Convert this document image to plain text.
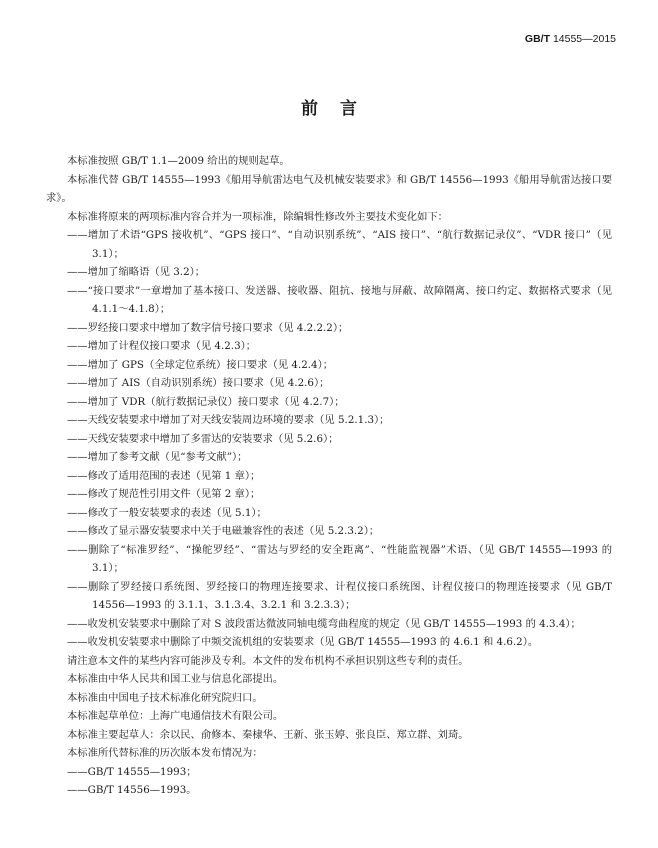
GB/T 14555—2015
前言

本标准按照 GB/T 1.1—2009 给出的规则起草。

本标准代替 GB/T 14555—1993《船用导航雷达电气及机械安装要求》和 GB/T 14556—1993《船用导航雷达接口要求》。

本标准将原来的两项标准内容合并为一项标准，除编辑性修改外主要技术变化如下：

—— 增加了术语“GPS 接收机”、“GPS 接口”、“自动识别系统”、“AIS 接口”、“航行数据记录仪”、“VDR 接口”（见 3.1）；

—— 增加了缩略语（见 3.2）；

—— “接口要求”一章增加了基本接口、发送器、接收器、阻抗、接地与屏蔽、故障隔离、接口约定、数据格式要求（见 4.1.1～4.1.8）；

—— 罗经接口要求中增加了数字信号接口要求（见 4.2.2.2）；

—— 增加了计程仪接口要求（见 4.2.3）；

—— 增加了 GPS（全球定位系统）接口要求（见 4.2.4）；

—— 增加了 AIS（自动识别系统）接口要求（见 4.2.6）；

—— 增加了 VDR（航行数据记录仪）接口要求（见 4.2.7）；

—— 天线安装要求中增加了对天线安装周边环境的要求（见 5.2.1.3）；

—— 天线安装要求中增加了多雷达的安装要求（见 5.2.6）；

—— 增加了参考文献（见“参考文献”）；

—— 修改了适用范围的表述（见第 1 章）；

—— 修改了规范性引用文件（见第 2 章）；

—— 修改了一般安装要求的表述（见 5.1）；

—— 修改了显示器安装要求中关于电磁兼容性的表述（见 5.2.3.2）；

—— 删除了“标准罗经”、“操舵罗经”、“雷达与罗经的安全距离”、“性能监视器”术语、（见 GB/T 14555—1993 的 3.1）；

—— 删除了罗经接口系统图、罗经接口的物理连接要求、计程仪接口系统图、计程仪接口的物理连接要求（见 GB/T 14556—1993 的 3.1.1、3.1.3.4、3.2.1 和 3.2.3.3）；

—— 收发机安装要求中删除了对 S 波段雷达微波同轴电缆弯曲程度的规定（见 GB/T 14555—1993 的 4.3.4）；

—— 收发机安装要求中删除了中频交流机组的安装要求（见 GB/T 14555—1993 的 4.6.1 和 4.6.2）。

请注意本文件的某些内容可能涉及专利。本文件的发布机构不承担识别这些专利的责任。

本标准由中华人民共和国工业与信息化部提出。

本标准由中国电子技术标准化研究院归口。

本标准起草单位：上海广电通信技术有限公司。

本标准主要起草人：余以民、俞修本、秦棣华、王新、张玉婷、张良臣、郑立群、刘琦。

本标准所代替标准的历次版本发布情况为：

—— GB/T 14555—1993；

—— GB/T 14556—1993。
